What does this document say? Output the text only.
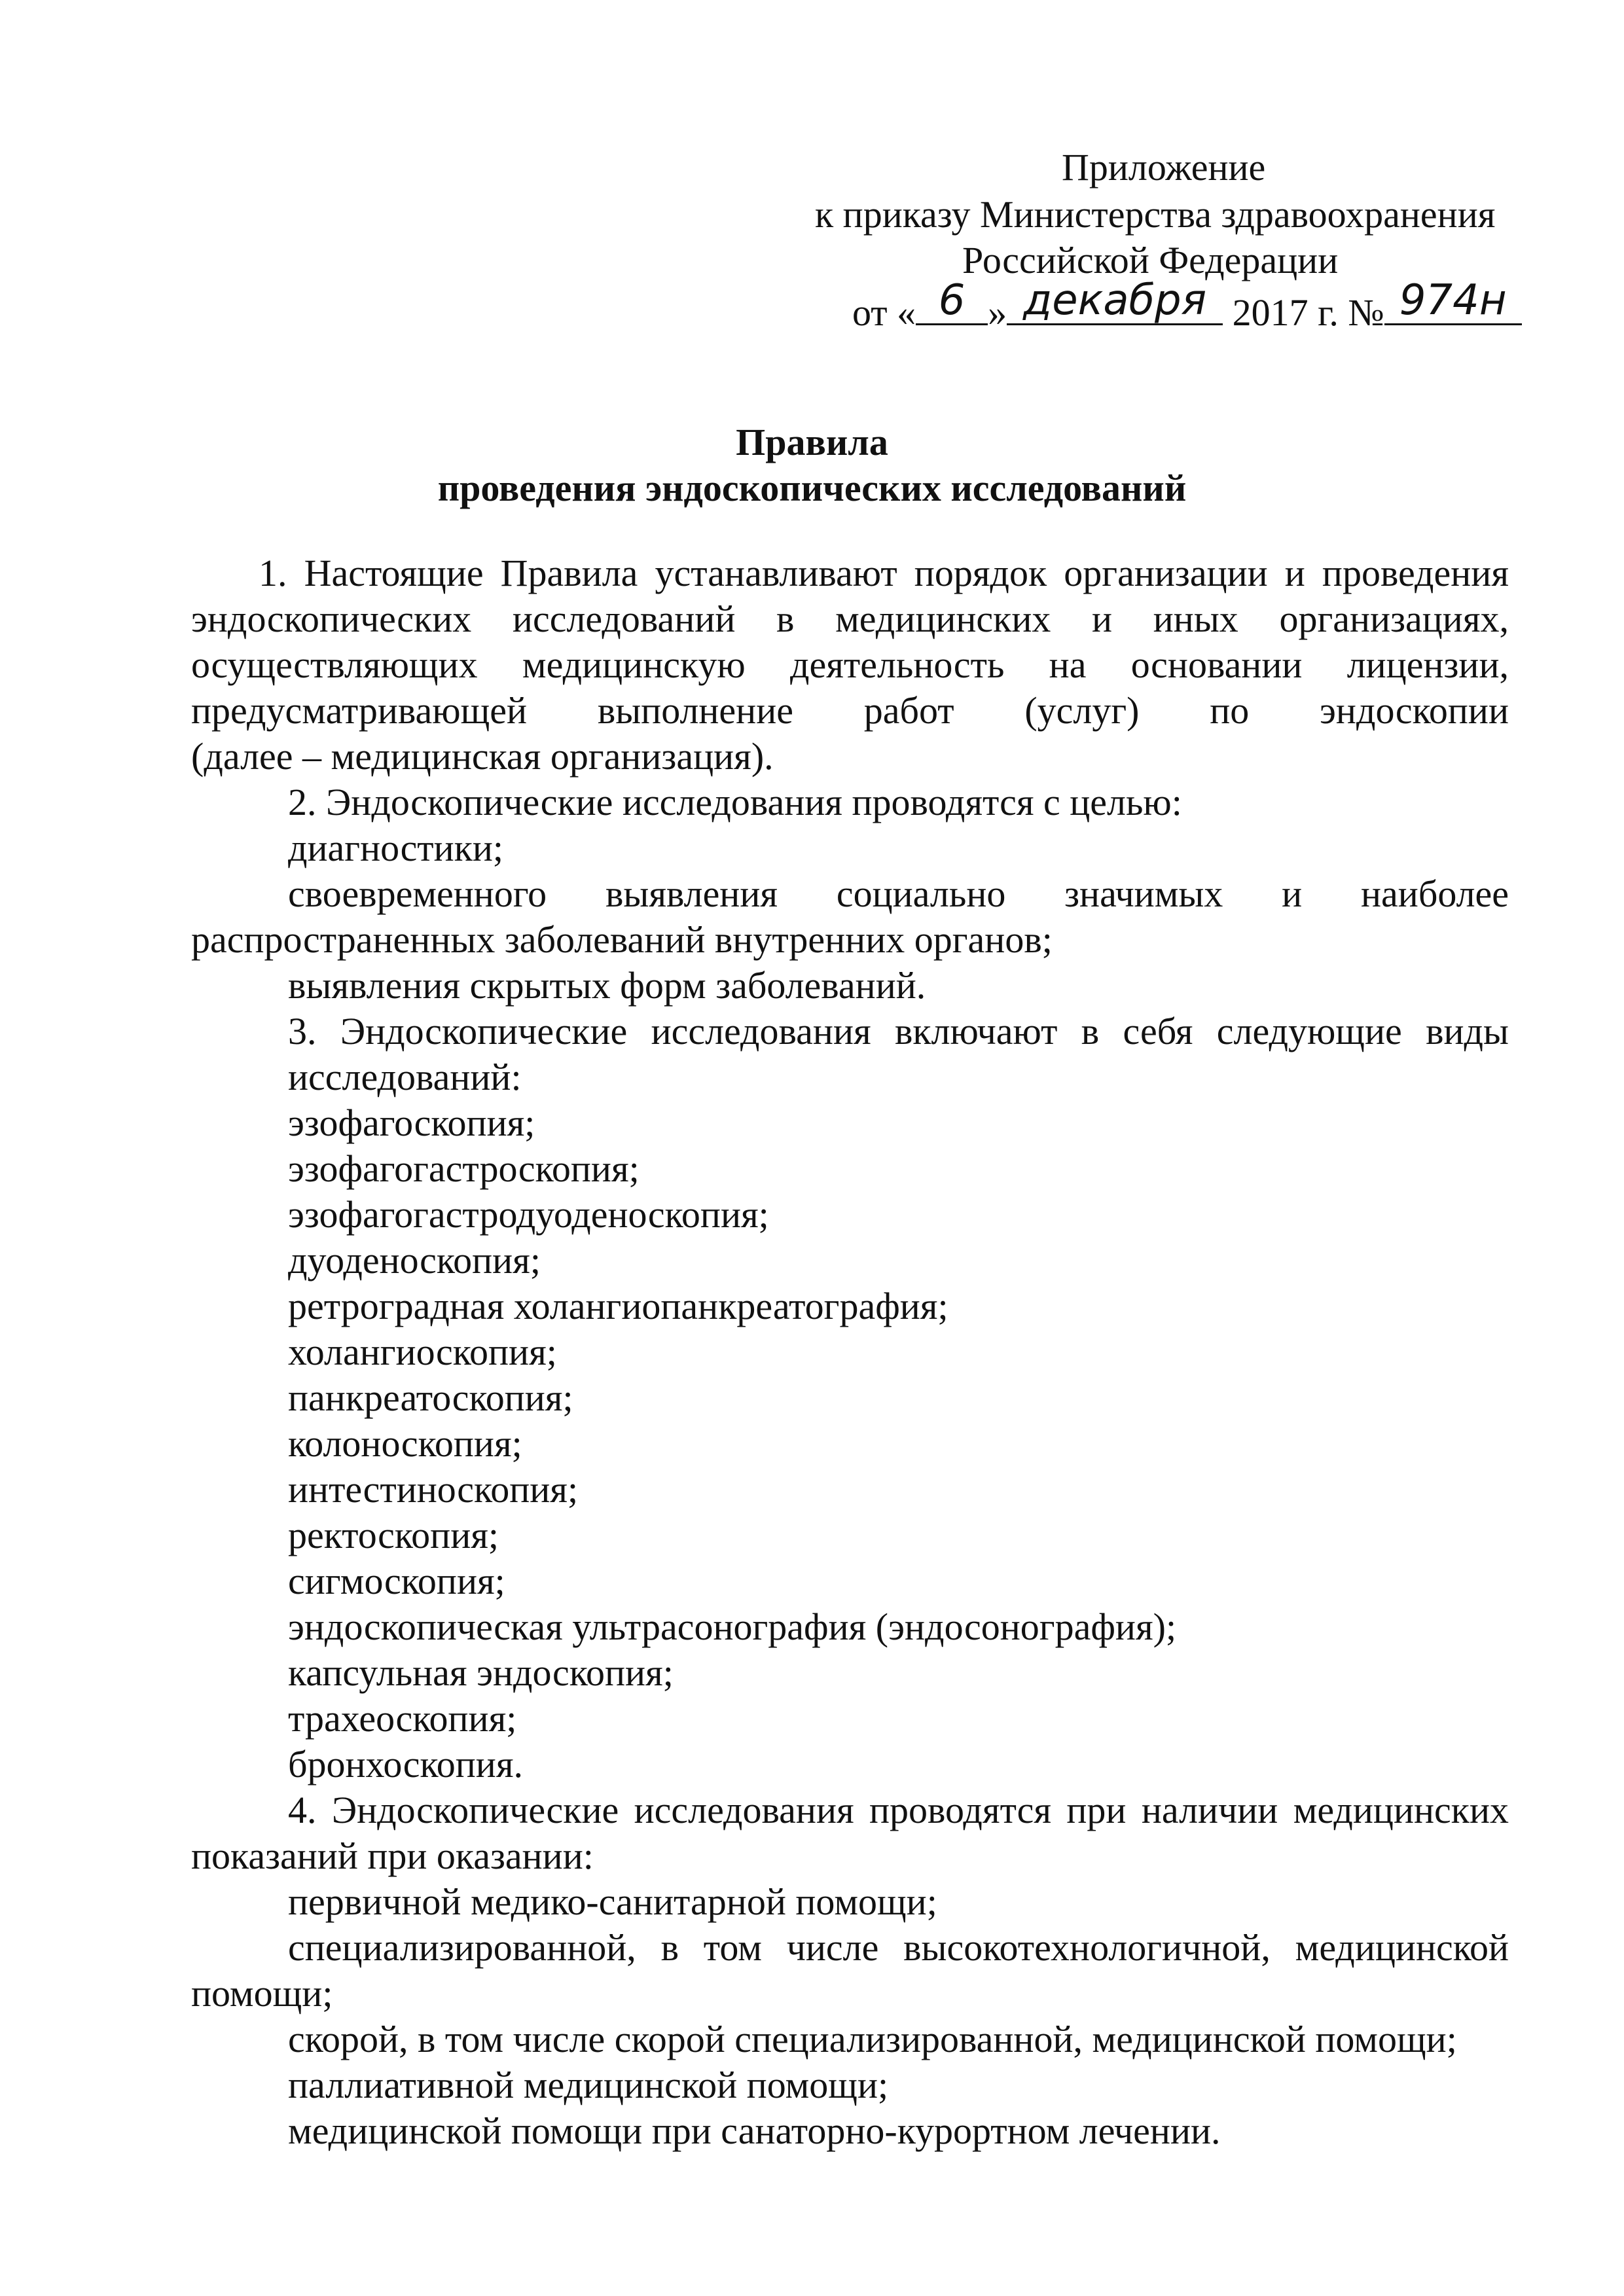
Приложение
к приказу Министерства здравоохранения
Российской Федерации
от « 6 » декабря 2017 г. № 974н
Правила
проведения эндоскопических исследований
1. Настоящие Правила устанавливают порядок организации и проведения
эндоскопических исследований в медицинских и иных организациях,
осуществляющих медицинскую деятельность на основании лицензии,
предусматривающей выполнение работ (услуг) по эндоскопии
(далее – медицинская организация).
2. Эндоскопические исследования проводятся с целью:
диагностики;
своевременного выявления социально значимых и наиболее
распространенных заболеваний внутренних органов;
выявления скрытых форм заболеваний.
3. Эндоскопические исследования включают в себя следующие виды
исследований:
эзофагоскопия;
эзофагогастроскопия;
эзофагогастродуоденоскопия;
дуоденоскопия;
ретроградная холангиопанкреатография;
холангиоскопия;
панкреатоскопия;
колоноскопия;
интестиноскопия;
ректоскопия;
сигмоскопия;
эндоскопическая ультрасонография (эндосонография);
капсульная эндоскопия;
трахеоскопия;
бронхоскопия.
4. Эндоскопические исследования проводятся при наличии медицинских
показаний при оказании:
первичной медико-санитарной помощи;
специализированной, в том числе высокотехнологичной, медицинской
помощи;
скорой, в том числе скорой специализированной, медицинской помощи;
паллиативной медицинской помощи;
медицинской помощи при санаторно-курортном лечении.
